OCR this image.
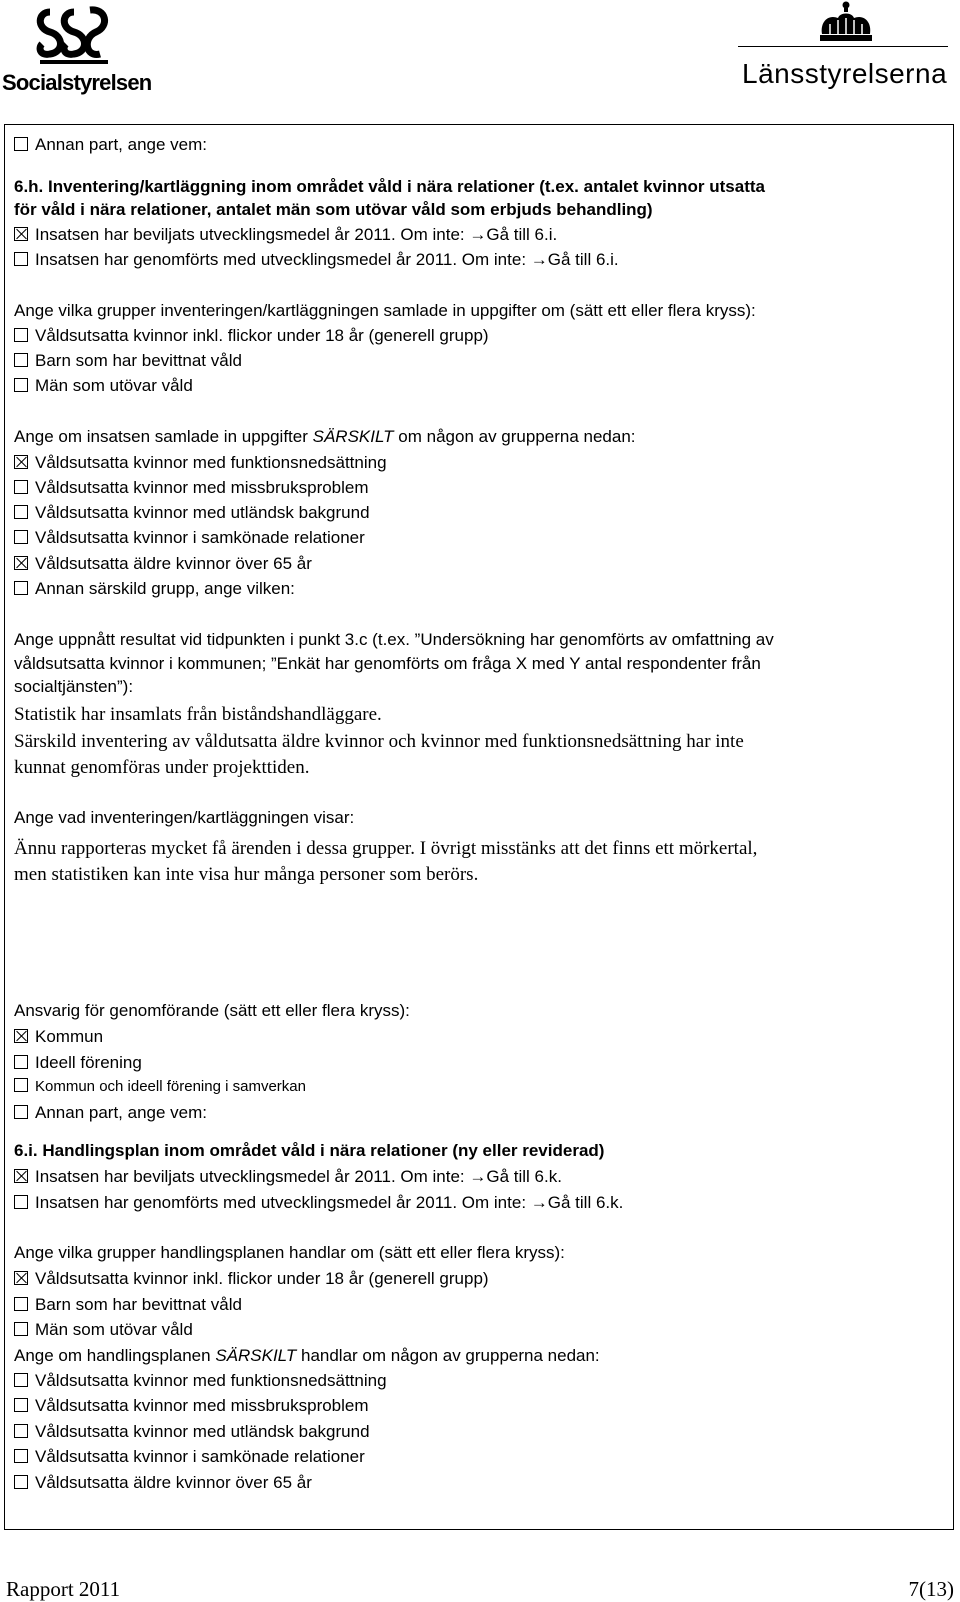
Socialstyrelsen	Länsstyrelserna
Annan part, ange vem:
6.h. Inventering/kartläggning inom området våld i nära relationer (t.ex. antalet kvinnor utsatta
för våld i nära relationer, antalet män som utövar våld som erbjuds behandling)
Insatsen har beviljats utvecklingsmedel år 2011. Om inte: →Gå till 6.i.
Insatsen har genomförts med utvecklingsmedel år 2011. Om inte: →Gå till 6.i.
Ange vilka grupper inventeringen/kartläggningen samlade in uppgifter om (sätt ett eller flera kryss):
Våldsutsatta kvinnor inkl. flickor under 18 år (generell grupp)
Barn som har bevittnat våld
Män som utövar våld
Ange om insatsen samlade in uppgifter SÄRSKILT om någon av grupperna nedan:
Våldsutsatta kvinnor med funktionsnedsättning
Våldsutsatta kvinnor med missbruksproblem
Våldsutsatta kvinnor med utländsk bakgrund
Våldsutsatta kvinnor i samkönade relationer
Våldsutsatta äldre kvinnor över 65 år
Annan särskild grupp, ange vilken:
Ange uppnått resultat vid tidpunkten i punkt 3.c (t.ex. ”Undersökning har genomförts av omfattning av
våldsutsatta kvinnor i kommunen; ”Enkät har genomförts om fråga X med Y antal respondenter från
socialtjänsten”):
Statistik har insamlats från biståndshandläggare.
Särskild inventering av våldutsatta äldre kvinnor och kvinnor med funktionsnedsättning har inte
kunnat genomföras under projekttiden.
Ange vad inventeringen/kartläggningen visar:
Ännu rapporteras mycket få ärenden i dessa grupper. I övrigt misstänks att det finns ett mörkertal,
men statistiken kan inte visa hur många personer som berörs.
Ansvarig för genomförande (sätt ett eller flera kryss):
Kommun
Ideell förening
Kommun och ideell förening i samverkan
Annan part, ange vem:
6.i. Handlingsplan inom området våld i nära relationer (ny eller reviderad)
Insatsen har beviljats utvecklingsmedel år 2011. Om inte: →Gå till 6.k.
Insatsen har genomförts med utvecklingsmedel år 2011. Om inte: →Gå till 6.k.
Ange vilka grupper handlingsplanen handlar om (sätt ett eller flera kryss):
Våldsutsatta kvinnor inkl. flickor under 18 år (generell grupp)
Barn som har bevittnat våld
Män som utövar våld
Ange om handlingsplanen SÄRSKILT handlar om någon av grupperna nedan:
Våldsutsatta kvinnor med funktionsnedsättning
Våldsutsatta kvinnor med missbruksproblem
Våldsutsatta kvinnor med utländsk bakgrund
Våldsutsatta kvinnor i samkönade relationer
Våldsutsatta äldre kvinnor över 65 år
Rapport 2011	7(13)
